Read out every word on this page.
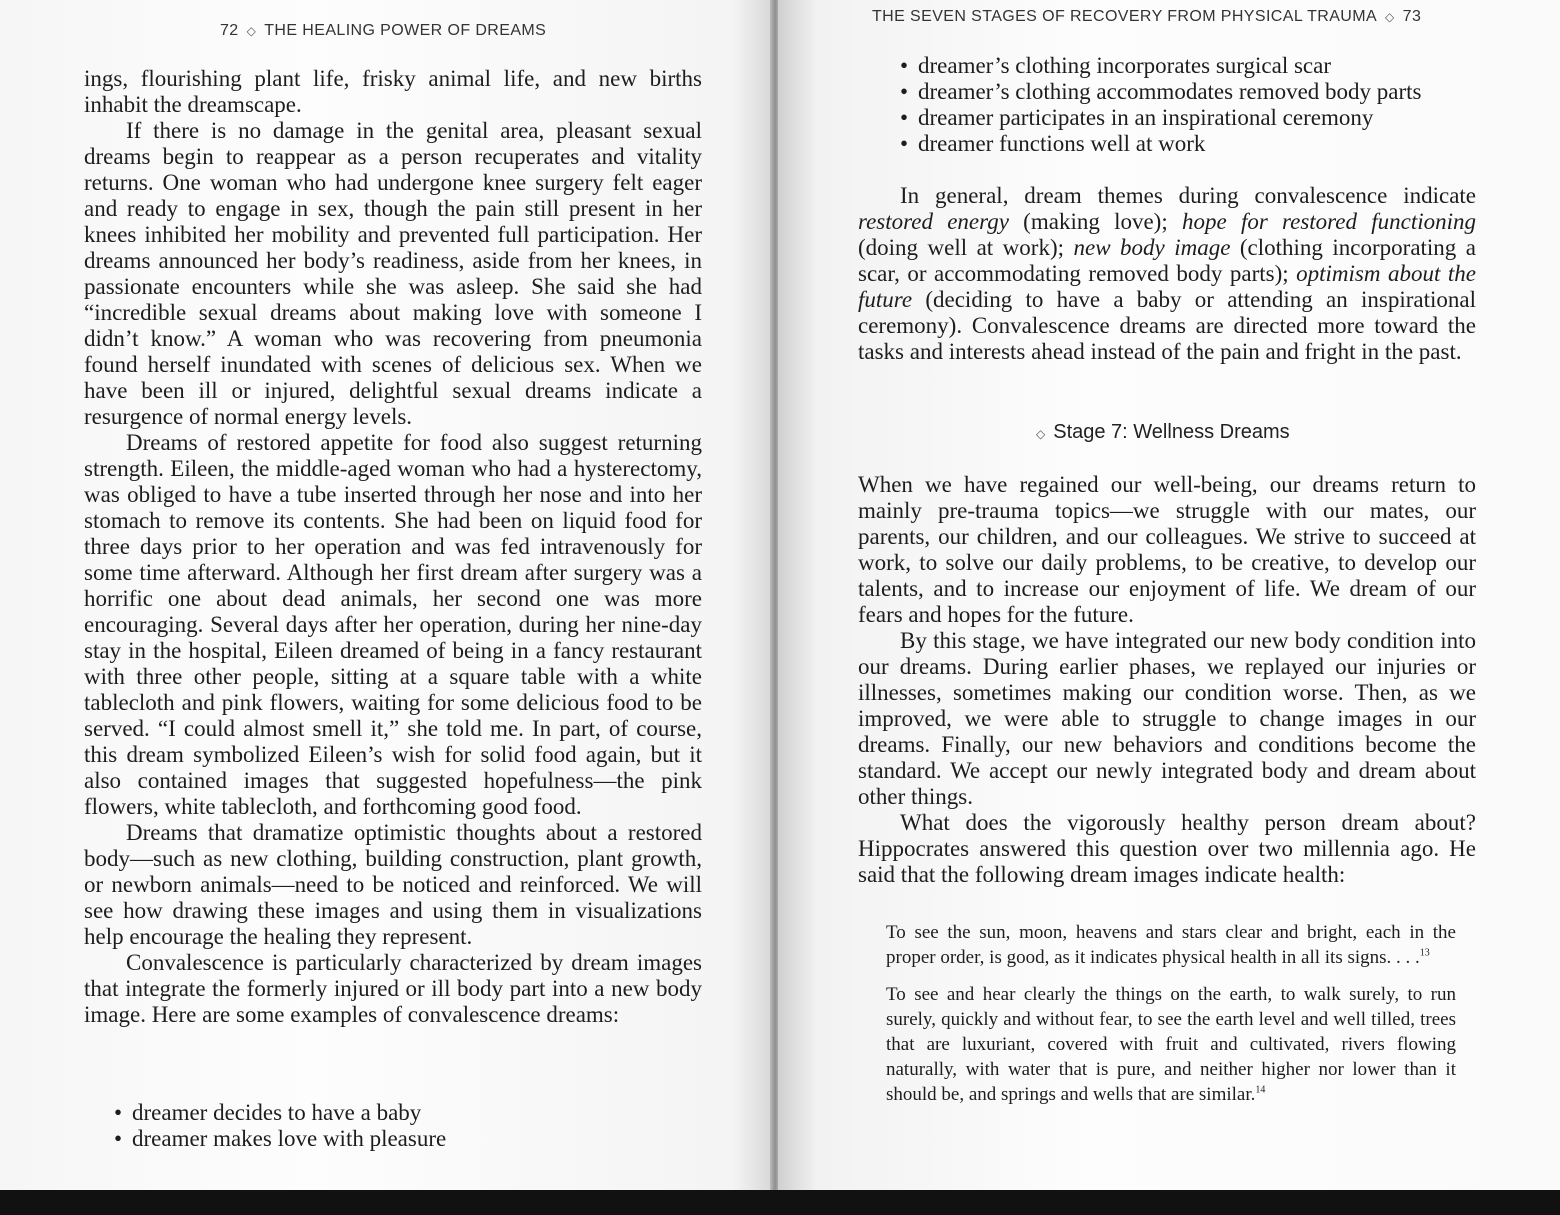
72 ◇ THE HEALING POWER OF DREAMS

ings, flourishing plant life, frisky animal life, and new births inhabit the dreamscape.

If there is no damage in the genital area, pleasant sexual dreams begin to reappear as a person recuperates and vitality returns. One woman who had undergone knee surgery felt eager and ready to engage in sex, though the pain still present in her knees inhibited her mobility and prevented full participation. Her dreams announced her body’s readiness, aside from her knees, in passionate encounters while she was asleep. She said she had “incredible sexual dreams about making love with someone I didn’t know.” A woman who was recovering from pneumonia found herself inundated with scenes of delicious sex. When we have been ill or injured, delightful sexual dreams indicate a resurgence of normal energy levels.

Dreams of restored appetite for food also suggest returning strength. Eileen, the middle-aged woman who had a hysterectomy, was obliged to have a tube inserted through her nose and into her stomach to remove its contents. She had been on liquid food for three days prior to her operation and was fed intravenously for some time afterward. Although her first dream after surgery was a horrific one about dead animals, her second one was more encouraging. Several days after her operation, during her nine-day stay in the hospital, Eileen dreamed of being in a fancy restaurant with three other people, sitting at a square table with a white tablecloth and pink flowers, waiting for some delicious food to be served. “I could almost smell it,” she told me. In part, of course, this dream symbolized Eileen’s wish for solid food again, but it also contained images that suggested hopefulness—the pink flowers, white tablecloth, and forthcoming good food.

Dreams that dramatize optimistic thoughts about a restored body—such as new clothing, building construction, plant growth, or newborn animals—need to be noticed and reinforced. We will see how drawing these images and using them in visualizations help encourage the healing they represent.

Convalescence is particularly characterized by dream images that integrate the formerly injured or ill body part into a new body image. Here are some examples of convalescence dreams:

• dreamer decides to have a baby
• dreamer makes love with pleasure
THE SEVEN STAGES OF RECOVERY FROM PHYSICAL TRAUMA ◇ 73
• dreamer’s clothing incorporates surgical scar
• dreamer’s clothing accommodates removed body parts
• dreamer participates in an inspirational ceremony
• dreamer functions well at work

In general, dream themes during convalescence indicate restored energy (making love); hope for restored functioning (doing well at work); new body image (clothing incorporating a scar, or accommodating removed body parts); optimism about the future (deciding to have a baby or attending an inspirational ceremony). Convalescence dreams are directed more toward the tasks and interests ahead instead of the pain and fright in the past.

◇ Stage 7: Wellness Dreams

When we have regained our well-being, our dreams return to mainly pre-trauma topics—we struggle with our mates, our parents, our children, and our colleagues. We strive to succeed at work, to solve our daily problems, to be creative, to develop our talents, and to increase our enjoyment of life. We dream of our fears and hopes for the future.

By this stage, we have integrated our new body condition into our dreams. During earlier phases, we replayed our injuries or illnesses, sometimes making our condition worse. Then, as we improved, we were able to struggle to change images in our dreams. Finally, our new behaviors and conditions become the standard. We accept our newly integrated body and dream about other things.

What does the vigorously healthy person dream about? Hippocrates answered this question over two millennia ago. He said that the following dream images indicate health:

To see the sun, moon, heavens and stars clear and bright, each in the proper order, is good, as it indicates physical health in all its signs. . . .$^{13}$

To see and hear clearly the things on the earth, to walk surely, to run surely, quickly and without fear, to see the earth level and well tilled, trees that are luxuriant, covered with fruit and cultivated, rivers flowing naturally, with water that is pure, and neither higher nor lower than it should be, and springs and wells that are similar.$^{14}$
